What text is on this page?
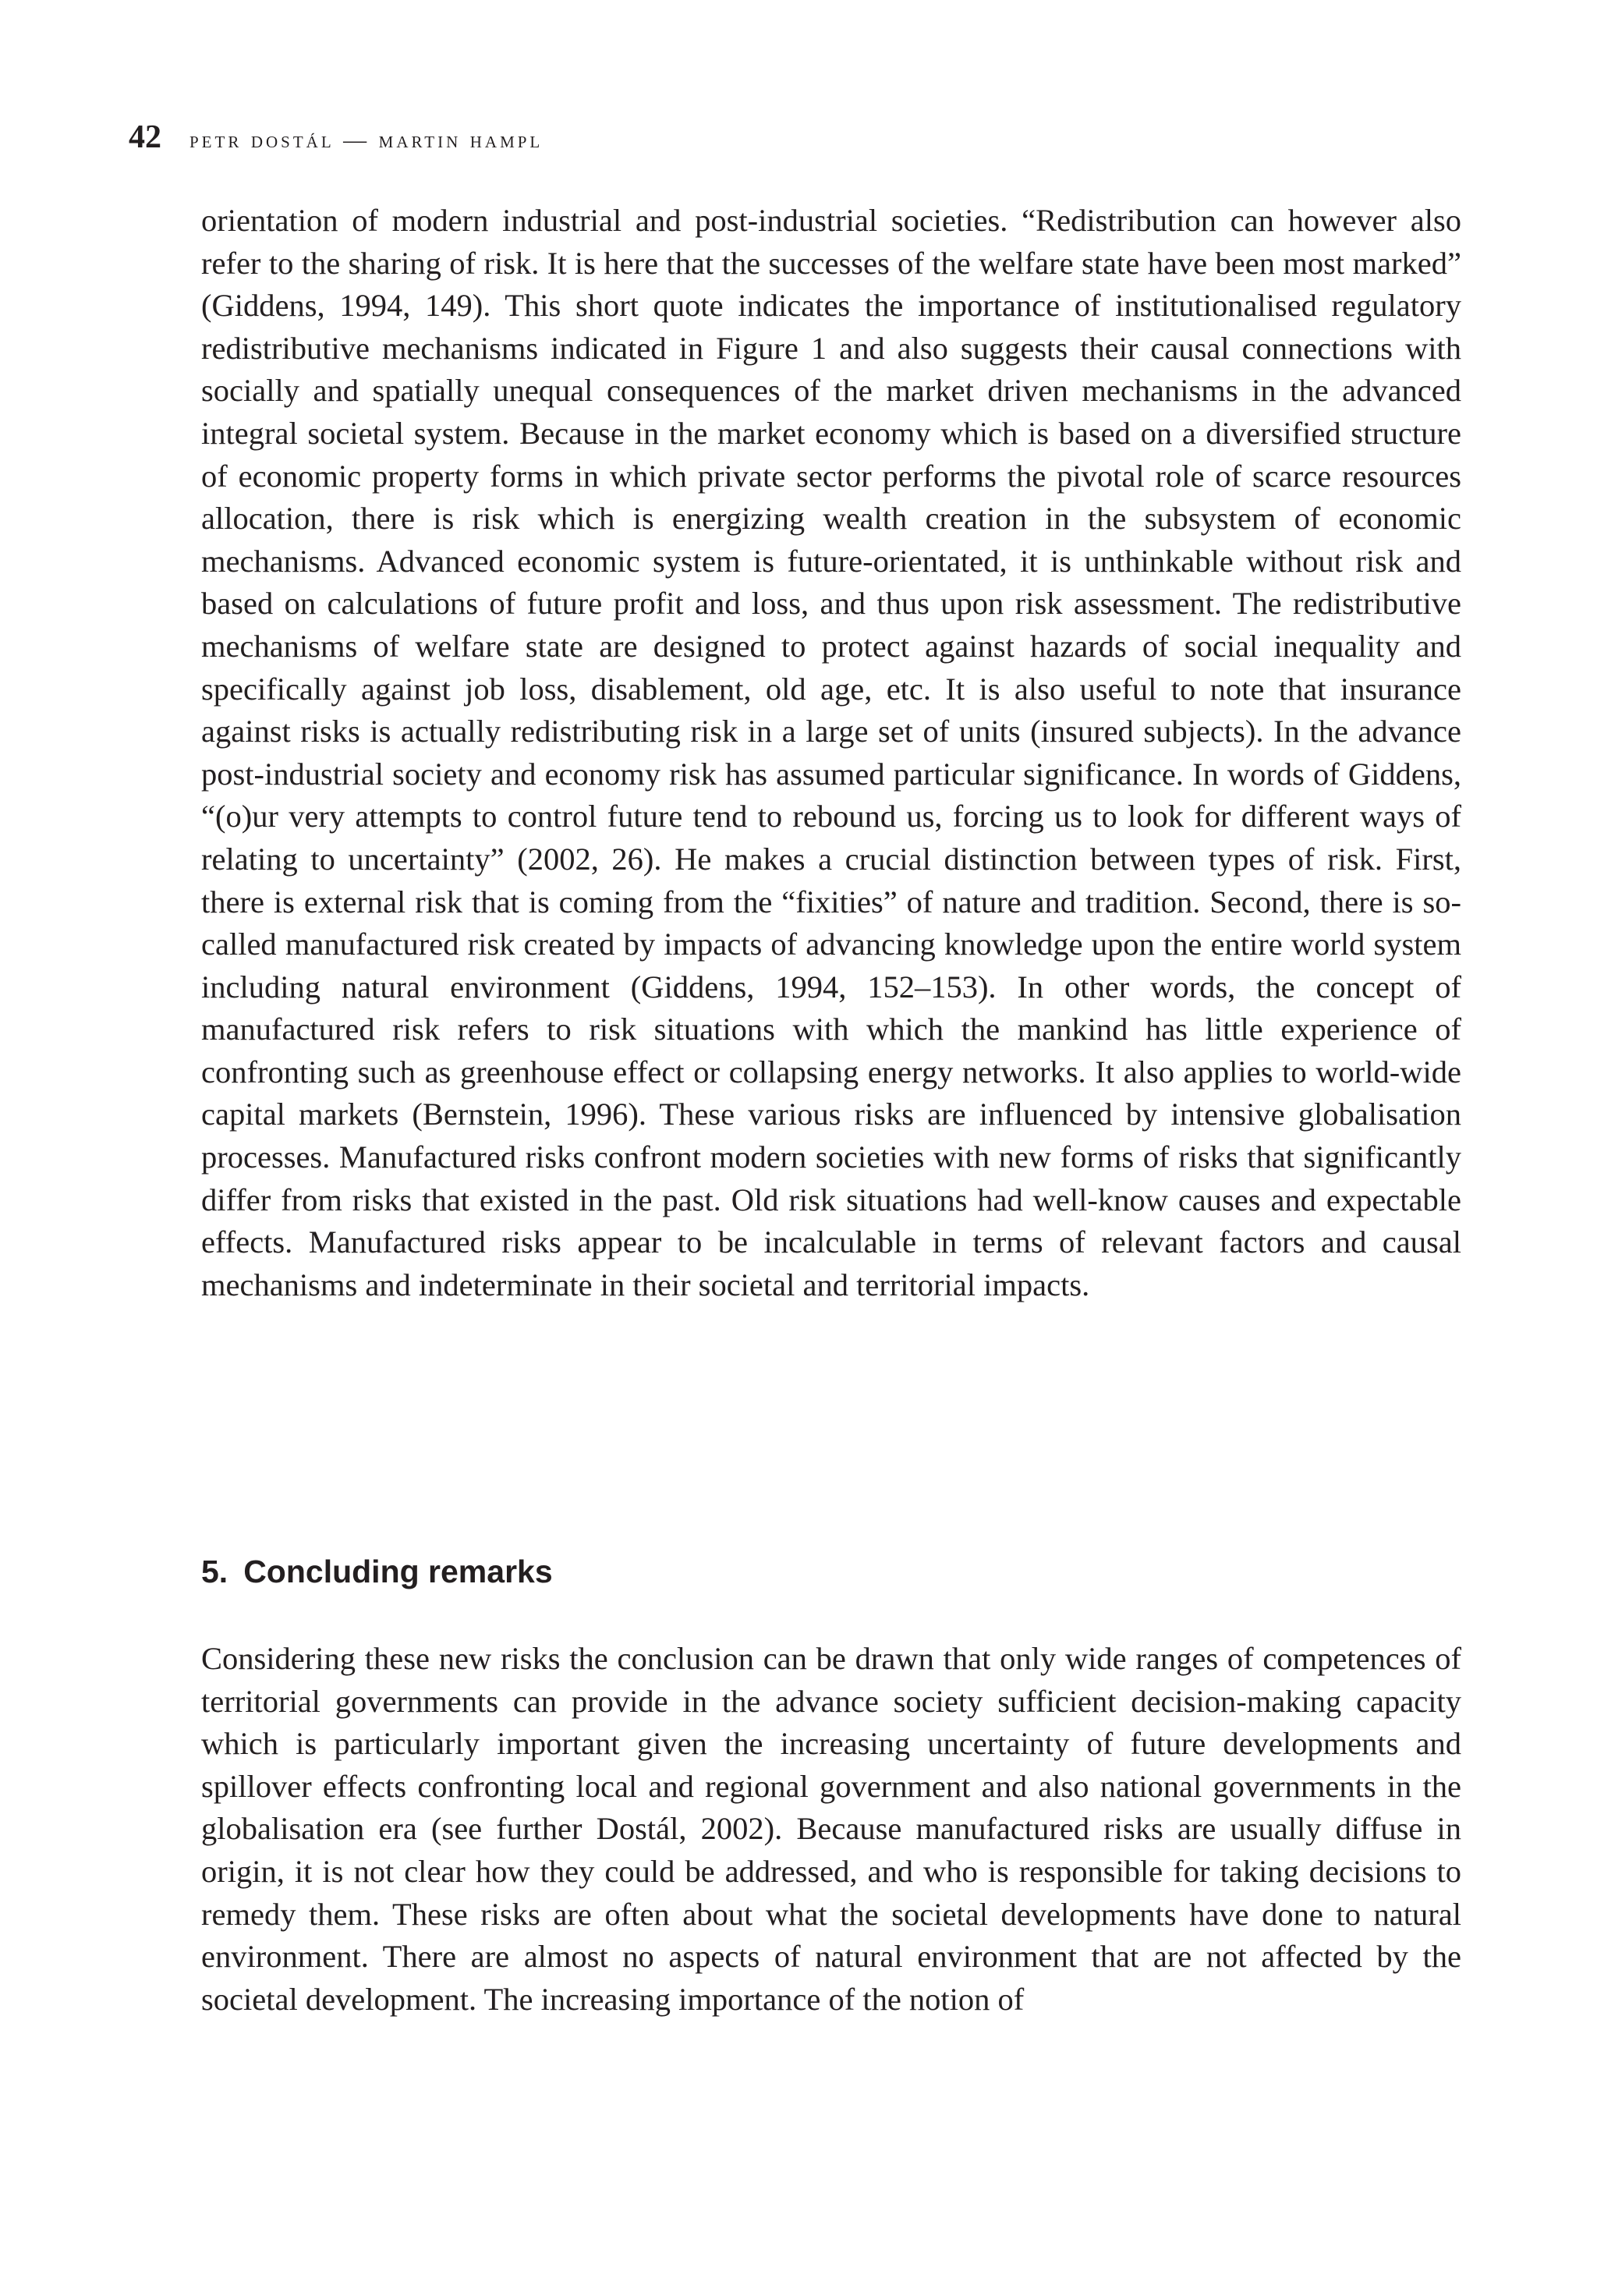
42 petr dostál — martin hampl

orientation of modern industrial and post-industrial societies. “Redistribution can however also refer to the sharing of risk. It is here that the successes of the welfare state have been most marked” (Giddens, 1994, 149). This short quote indicates the importance of institutionalised regulatory redistributive mechanisms indicated in Figure 1 and also suggests their causal connections with socially and spatially unequal consequences of the market driven mechanisms in the advanced integral societal system. Because in the market economy which is based on a diversified structure of economic property forms in which private sector performs the pivotal role of scarce resources allocation, there is risk which is energizing wealth creation in the subsystem of economic mechanisms. Advanced economic system is future-orientated, it is unthinkable without risk and based on calculations of future profit and loss, and thus upon risk assessment. The redistributive mechanisms of welfare state are designed to protect against hazards of social inequality and specifically against job loss, disablement, old age, etc. It is also useful to note that insurance against risks is actually redistributing risk in a large set of units (insured subjects). In the advance post-industrial society and economy risk has assumed particular significance. In words of Giddens, “(o)ur very attempts to control future tend to rebound us, forcing us to look for different ways of relating to uncertainty” (2002, 26). He makes a crucial distinction between types of risk. First, there is external risk that is coming from the “fixities” of nature and tradition. Second, there is so-called manufactured risk created by impacts of advancing knowledge upon the entire world system including natural environment (Giddens, 1994, 152–153). In other words, the concept of manufactured risk refers to risk situations with which the mankind has little experience of confronting such as greenhouse effect or collapsing energy networks. It also applies to world-wide capital markets (Bernstein, 1996). These various risks are influenced by intensive globalisation processes. Manufactured risks confront modern societies with new forms of risks that significantly differ from risks that existed in the past. Old risk situations had well-know causes and expectable effects. Manufactured risks appear to be incalculable in terms of relevant factors and causal mechanisms and indeterminate in their societal and territorial impacts.

5. Concluding remarks

Considering these new risks the conclusion can be drawn that only wide ranges of competences of territorial governments can provide in the advance society sufficient decision-making capacity which is particularly important given the increasing uncertainty of future developments and spillover effects confronting local and regional government and also national governments in the globalisation era (see further Dostál, 2002). Because manufactured risks are usually diffuse in origin, it is not clear how they could be addressed, and who is responsible for taking decisions to remedy them. These risks are often about what the societal developments have done to natural environment. There are almost no aspects of natural environment that are not affected by the societal development. The increasing importance of the notion of
